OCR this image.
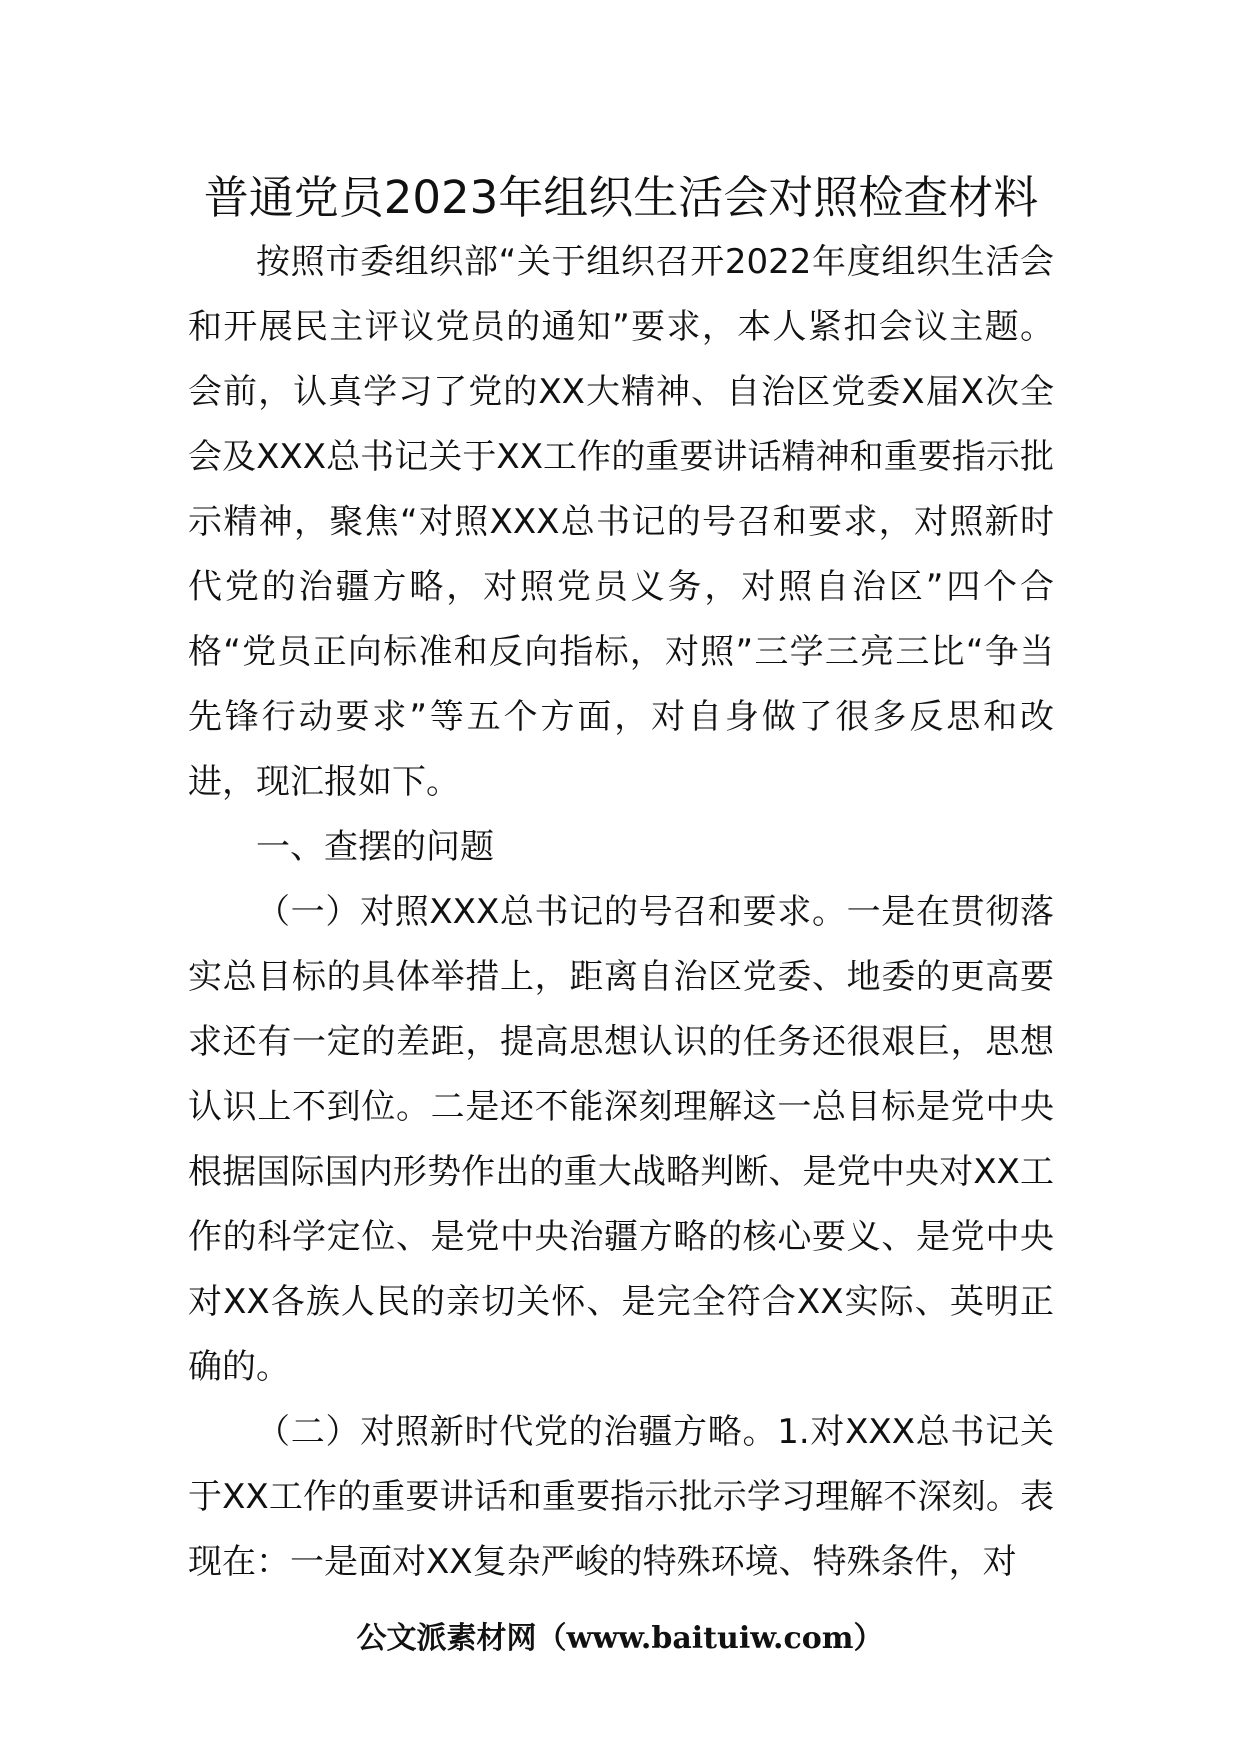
普通党员2023年组织生活会对照检查材料

按照市委组织部“关于组织召开2022年度组织生活会和开展民主评议党员的通知”要求，本人紧扣会议主题。会前，认真学习了党的XX大精神、自治区党委X届X次全会及XXX总书记关于XX工作的重要讲话精神和重要指示批示精神，聚焦“对照XXX总书记的号召和要求，对照新时代党的治疆方略，对照党员义务，对照自治区”四个合格“党员正向标准和反向指标，对照”三学三亮三比“争当先锋行动要求”等五个方面，对自身做了很多反思和改进，现汇报如下。

一、查摆的问题

（一）对照XXX总书记的号召和要求。一是在贯彻落实总目标的具体举措上，距离自治区党委、地委的更高要求还有一定的差距，提高思想认识的任务还很艰巨，思想认识上不到位。二是还不能深刻理解这一总目标是党中央根据国际国内形势作出的重大战略判断、是党中央对XX工作的科学定位、是党中央治疆方略的核心要义、是党中央对XX各族人民的亲切关怀、是完全符合XX实际、英明正确的。

（二）对照新时代党的治疆方略。1.对XXX总书记关于XX工作的重要讲话和重要指示批示学习理解不深刻。表现在：一是面对XX复杂严峻的特殊环境、特殊条件，对

公文派素材网（www.baituiw.com）
